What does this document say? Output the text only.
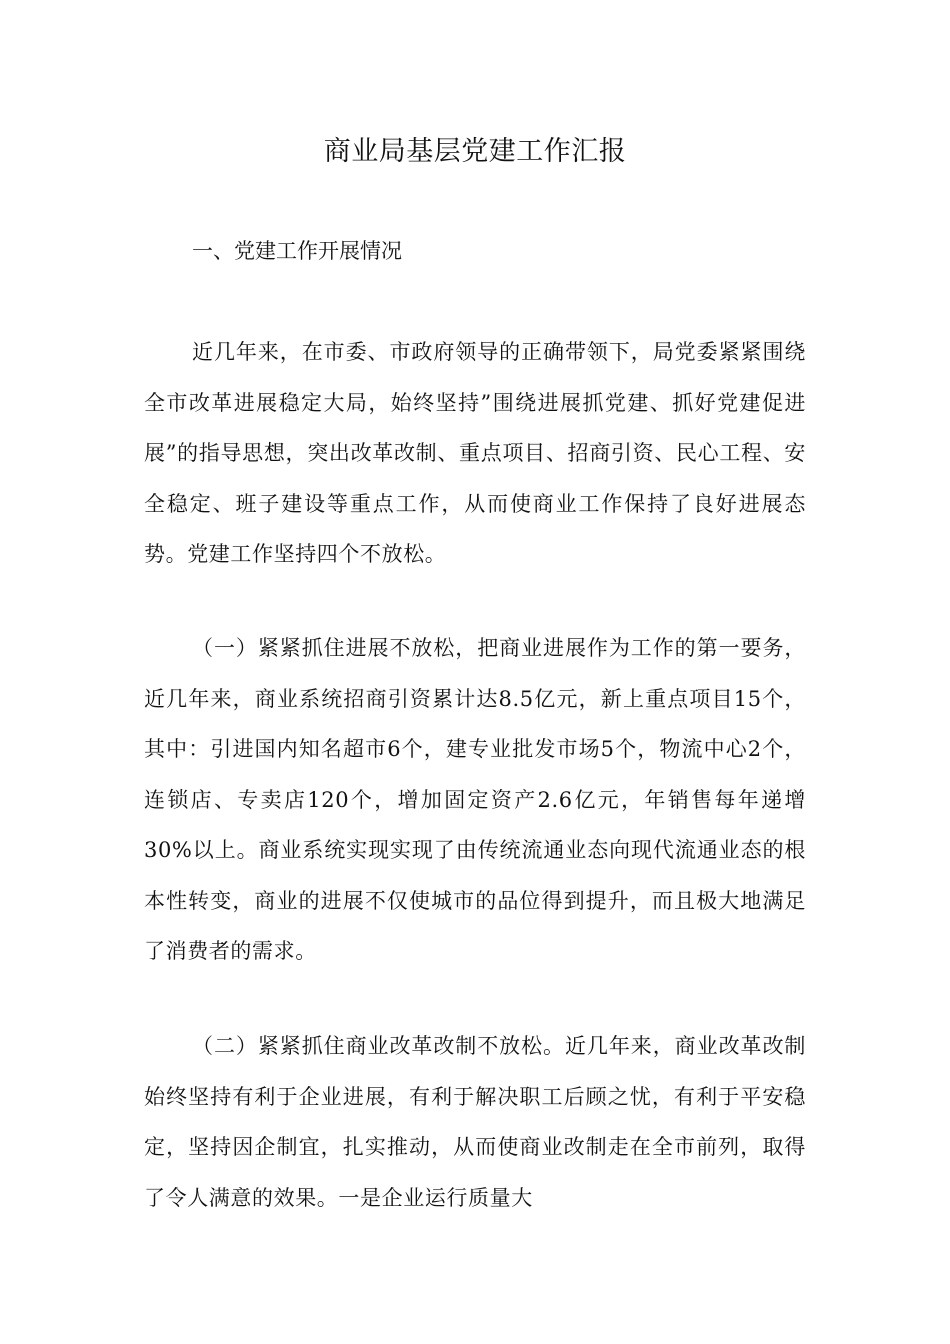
商业局基层党建工作汇报
一、党建工作开展情况

近几年来，在市委、市政府领导的正确带领下，局党委紧紧围绕全市改革进展稳定大局，始终坚持”围绕进展抓党建、抓好党建促进展”的指导思想，突出改革改制、重点项目、招商引资、民心工程、安全稳定、班子建设等重点工作，从而使商业工作保持了良好进展态势。党建工作坚持四个不放松。

（一）紧紧抓住进展不放松，把商业进展作为工作的第一要务，近几年来，商业系统招商引资累计达8.5亿元，新上重点项目15个，其中：引进国内知名超市6个，建专业批发市场5个，物流中心2个，连锁店、专卖店120个，增加固定资产2.6亿元，年销售每年递增30%以上。商业系统实现实现了由传统流通业态向现代流通业态的根本性转变，商业的进展不仅使城市的品位得到提升，而且极大地满足了消费者的需求。

（二）紧紧抓住商业改革改制不放松。近几年来，商业改革改制始终坚持有利于企业进展，有利于解决职工后顾之忧，有利于平安稳定，坚持因企制宜，扎实推动，从而使商业改制走在全市前列，取得了令人满意的效果。一是企业运行质量大
